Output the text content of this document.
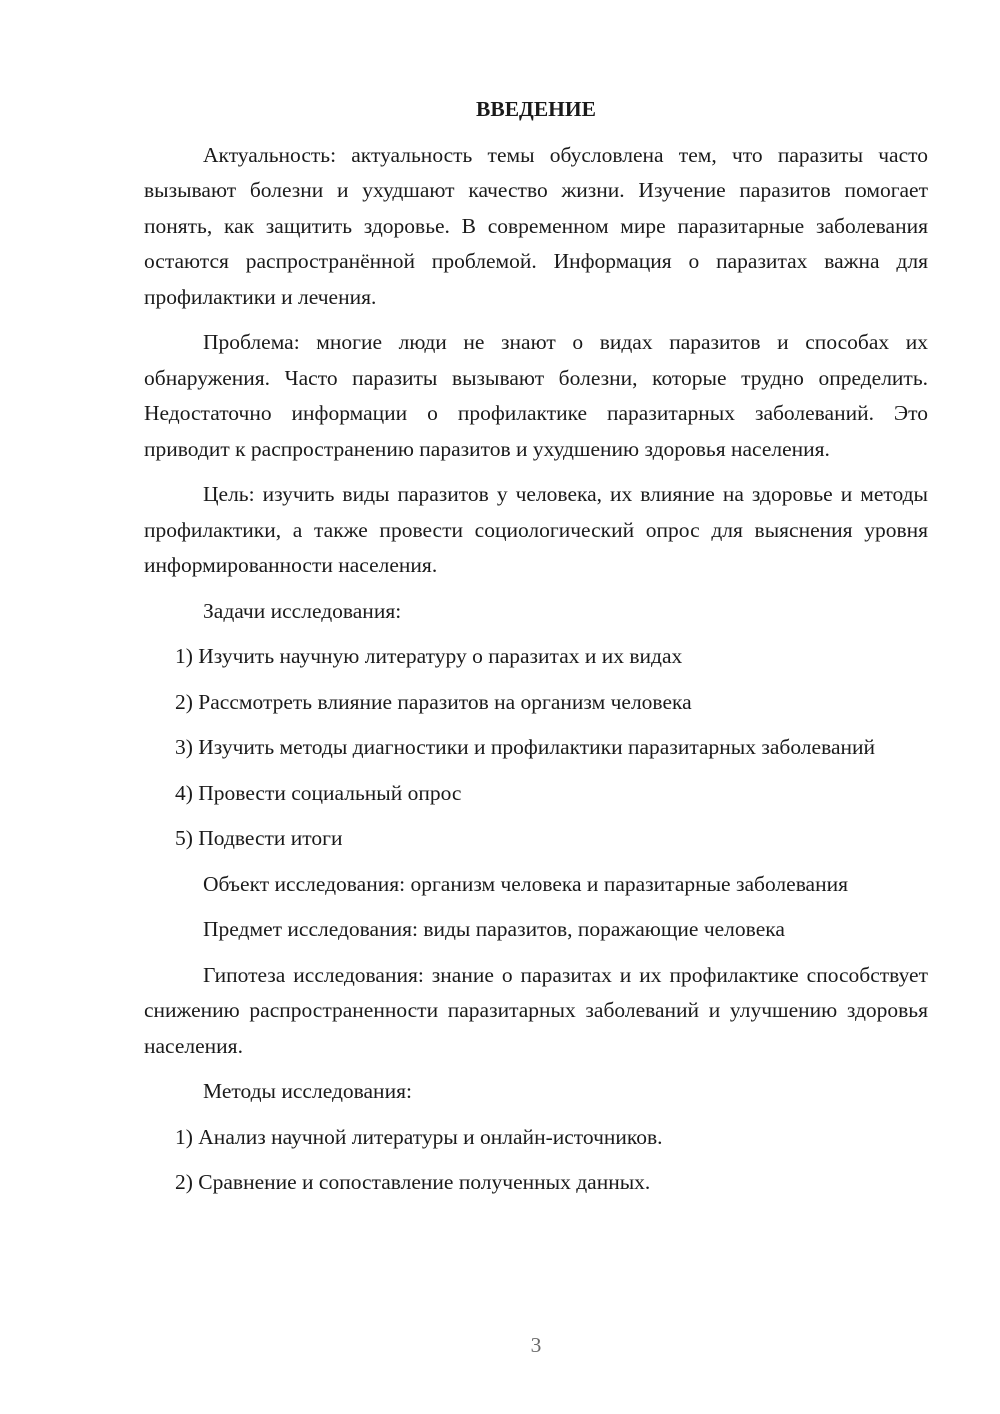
ВВЕДЕНИЕ

Актуальность: актуальность темы обусловлена тем, что паразиты часто вызывают болезни и ухудшают качество жизни. Изучение паразитов помогает понять, как защитить здоровье. В современном мире паразитарные заболевания остаются распространённой проблемой. Информация о паразитах важна для профилактики и лечения.

Проблема: многие люди не знают о видах паразитов и способах их обнаружения. Часто паразиты вызывают болезни, которые трудно определить. Недостаточно информации о профилактике паразитарных заболеваний. Это приводит к распространению паразитов и ухудшению здоровья населения.

Цель: изучить виды паразитов у человека, их влияние на здоровье и методы профилактики, а также провести социологический опрос для выяснения уровня информированности населения.

Задачи исследования:

1) Изучить научную литературу о паразитах и их видах

2) Рассмотреть влияние паразитов на организм человека

3) Изучить методы диагностики и профилактики паразитарных заболеваний

4) Провести социальный опрос

5) Подвести итоги

Объект исследования: организм человека и паразитарные заболевания

Предмет исследования: виды паразитов, поражающие человека

Гипотеза исследования: знание о паразитах и их профилактике способствует снижению распространенности паразитарных заболеваний и улучшению здоровья населения.

Методы исследования:

1) Анализ научной литературы и онлайн-источников.

2) Сравнение и сопоставление полученных данных.

3
